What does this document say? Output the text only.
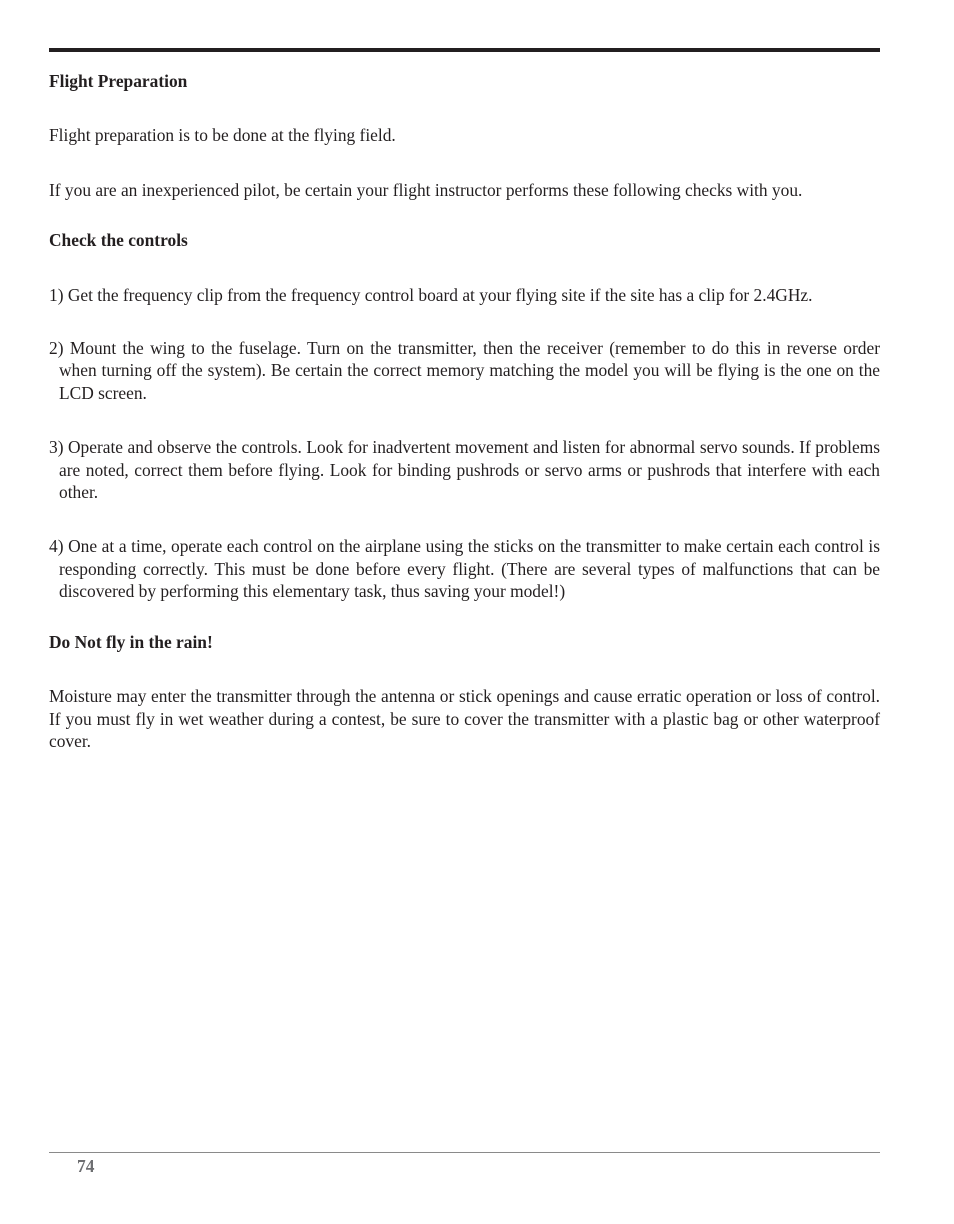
Flight Preparation

Flight preparation is to be done at the flying field.

If you are an inexperienced pilot, be certain your flight instructor performs these following checks with you.

Check the controls

1) Get the frequency clip from the frequency control board at your flying site if the site has a clip for 2.4GHz.

2) Mount the wing to the fuselage. Turn on the transmitter, then the receiver (remember to do this in reverse order when turning off the system). Be certain the correct memory matching the model you will be flying is the one on the LCD screen.

3) Operate and observe the controls. Look for inadvertent movement and listen for abnormal servo sounds. If problems are noted, correct them before flying. Look for binding pushrods or servo arms or pushrods that interfere with each other.

4) One at a time, operate each control on the airplane using the sticks on the transmitter to make certain each control is responding correctly. This must be done before every flight. (There are several types of malfunctions that can be discovered by performing this elementary task, thus saving your model!)

Do Not fly in the rain!

Moisture may enter the transmitter through the antenna or stick openings and cause erratic operation or loss of control. If you must fly in wet weather during a contest, be sure to cover the transmitter with a plastic bag or other waterproof cover.

74
